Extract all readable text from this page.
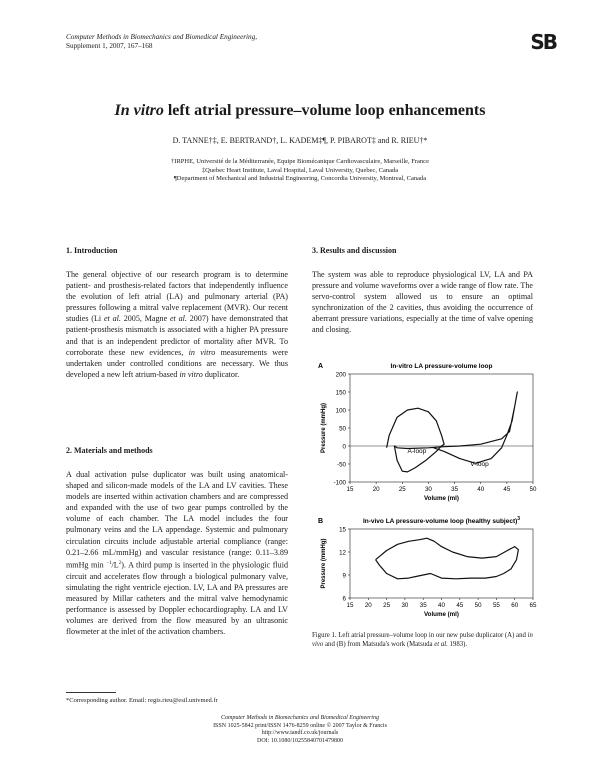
Computer Methods in Biomechanics and Biomedical Engineering,
Supplement 1, 2007, 167–168	SB
In vitro left atrial pressure–volume loop enhancements
D. TANNE†‡, E. BERTRAND†, L. KADEM‡¶, P. PIBAROT‡ and R. RIEU†*
†IRPHE, Université de la Méditerranée, Equipe Biomécanique Cardiovasculaire, Marseille, France
‡Quebec Heart Institute, Laval Hospital, Laval University, Quebec, Canada
¶Department of Mechanical and Industrial Engineering, Concordia University, Montreal, Canada
1. Introduction

The general objective of our research program is to determine patient- and prosthesis-related factors that independently influence the evolution of left atrial (LA) and pulmonary arterial (PA) pressures following a mitral valve replacement (MVR). Our recent studies (Li et al. 2005, Magne et al. 2007) have demonstrated that patient-prosthesis mismatch is associated with a higher PA pressure and that is an independent predictor of mortality after MVR. To corroborate these new evidences, in vitro measurements were undertaken under controlled conditions are necessary. We thus developed a new left atrium-based in vitro duplicator.

2. Materials and methods

A dual activation pulse duplicator was built using anatomical-shaped and silicon-made models of the LA and LV cavities. These models are inserted within activation chambers and are compressed and expanded with the use of two gear pumps controlled by the volume of each chamber. The LA model includes the four pulmonary veins and the LA appendage. Systemic and pulmonary circulation circuits include adjustable arterial compliance (range: 0.21–2.66 mL/mmHg) and vascular resistance (range: 0.11–3.89 mmHg $\min ^{-1}/L^2$). A third pump is inserted in the physiologic fluid circuit and accelerates flow through a biological pulmonary valve, simulating the right ventricle ejection. LV, LA and PA pressures are measured by Millar catheters and the mitral valve hemodynamic performance is assessed by Doppler echocardiography. LA and LV volumes are derived from the flow measured by an ultrasonic flowmeter at the inlet of the activation chambers.

3. Results and discussion

The system was able to reproduce physiological LV, LA and PA pressure and volume waveforms over a wide range of flow rate. The servo-control system allowed us to ensure an optimal synchronization of the 2 cavities, thus avoiding the occurrence of aberrant pressure variations, especially at the time of valve opening and closing.

A	In-vitro LA pressure-volume loop
-100
-50
0
50
100
150
200
15	20	25	30	35	40	45	50
Volume (ml)
Pressure (mmHg)	A-loop
V-loop
B	In-vivo LA pressure-volume loop (healthy subject)$^3$
6
9
12
15
15 20 25 30 35 40 45 50 55 60 65
Volume (ml)
Pressure (mmHg)
Figure 1. Left atrial pressure–volume loop in our new pulse duplicator (A) and in vivo and (B) from Matsuda's work (Matsuda et al. 1983).
*Corresponding author. Email: regis.rieu@esil.univmed.fr
Computer Methods in Biomechanics and Biomedical Engineering
ISSN 1025-5842 print/ISSN 1476-8259 online © 2007 Taylor & Francis
http://www.tandf.co.uk/journals
DOI: 10.1080/10255840701479800
